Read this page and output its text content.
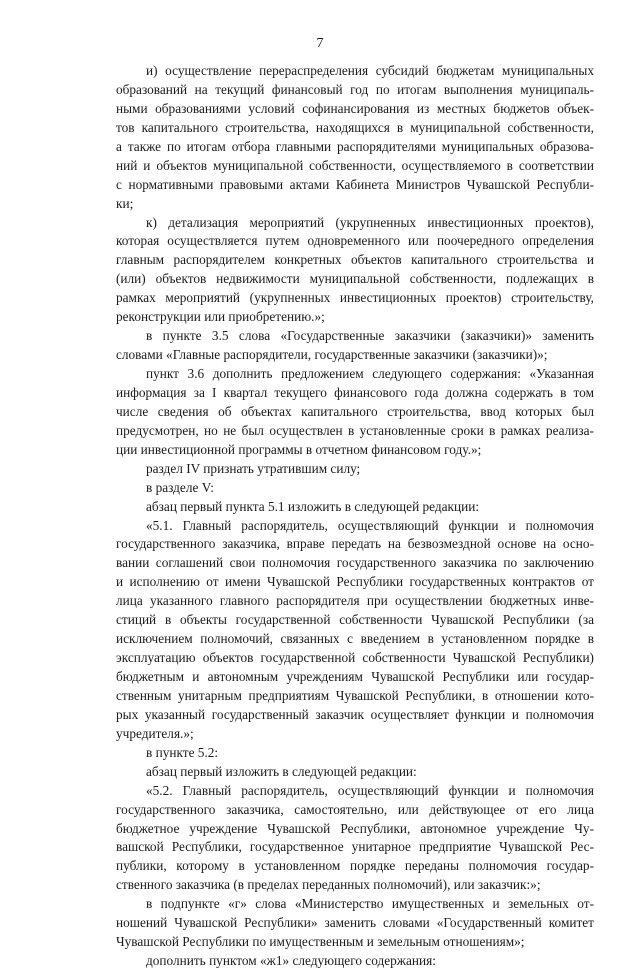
7
и) осуществление перераспределения субсидий бюджетам муниципальных
образований на текущий финансовый год по итогам выполнения муниципаль-
ными образованиями условий софинансирования из местных бюджетов объек-
тов капитального строительства, находящихся в муниципальной собственности,
а также по итогам отбора главными распорядителями муниципальных образова-
ний и объектов муниципальной собственности, осуществляемого в соответствии
с нормативными правовыми актами Кабинета Министров Чувашской Республи-
ки;
к) детализация мероприятий (укрупненных инвестиционных проектов),
которая осуществляется путем одновременного или поочередного определения
главным распорядителем конкретных объектов капитального строительства и
(или) объектов недвижимости муниципальной собственности, подлежащих в
рамках мероприятий (укрупненных инвестиционных проектов) строительству,
реконструкции или приобретению.»;
в пункте 3.5 слова «Государственные заказчики (заказчики)» заменить
словами «Главные распорядители, государственные заказчики (заказчики)»;
пункт 3.6 дополнить предложением следующего содержания: «Указанная
информация за I квартал текущего финансового года должна содержать в том
числе сведения об объектах капитального строительства, ввод которых был
предусмотрен, но не был осуществлен в установленные сроки в рамках реализа-
ции инвестиционной программы в отчетном финансовом году.»;
раздел IV признать утратившим силу;
в разделе V:
абзац первый пункта 5.1 изложить в следующей редакции:
«5.1. Главный распорядитель, осуществляющий функции и полномочия
государственного заказчика, вправе передать на безвозмездной основе на осно-
вании соглашений свои полномочия государственного заказчика по заключению
и исполнению от имени Чувашской Республики государственных контрактов от
лица указанного главного распорядителя при осуществлении бюджетных инве-
стиций в объекты государственной собственности Чувашской Республики (за
исключением полномочий, связанных с введением в установленном порядке в
эксплуатацию объектов государственной собственности Чувашской Республики)
бюджетным и автономным учреждениям Чувашской Республики или государ-
ственным унитарным предприятиям Чувашской Республики, в отношении кото-
рых указанный государственный заказчик осуществляет функции и полномочия
учредителя.»;
в пункте 5.2:
абзац первый изложить в следующей редакции:
«5.2. Главный распорядитель, осуществляющий функции и полномочия
государственного заказчика, самостоятельно, или действующее от его лица
бюджетное учреждение Чувашской Республики, автономное учреждение Чу-
вашской Республики, государственное унитарное предприятие Чувашской Рес-
публики, которому в установленном порядке переданы полномочия государ-
ственного заказчика (в пределах переданных полномочий), или заказчик:»;
в подпункте «г» слова «Министерство имущественных и земельных от-
ношений Чувашской Республики» заменить словами «Государственный комитет
Чувашской Республики по имущественным и земельным отношениям»;
дополнить пунктом «ж1» следующего содержания:
